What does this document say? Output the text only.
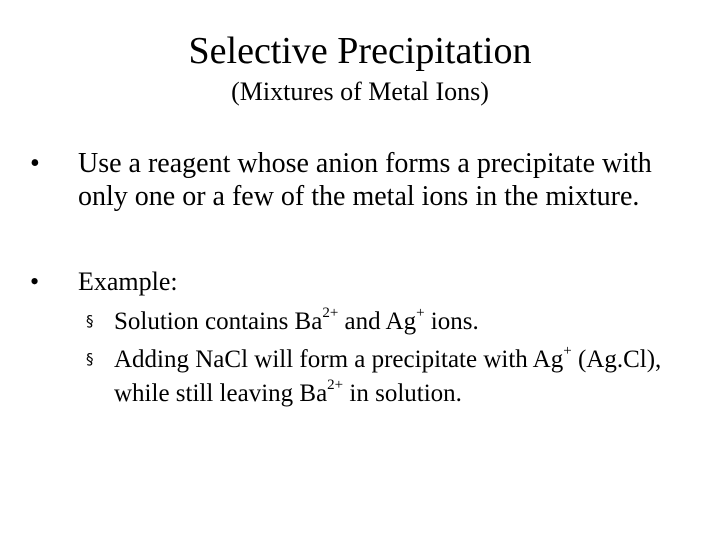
Selective Precipitation
(Mixtures of Metal Ions)
• Use a reagent whose anion forms a precipitate with only one or a few of the metal ions in the mixture.
• Example:
§ Solution contains $Ba^{2+}$ and Ag+ ions.
§ Adding NaCl will form a precipitate with Ag+ (Ag.Cl), while still leaving $Ba^{2+}$ in solution.
